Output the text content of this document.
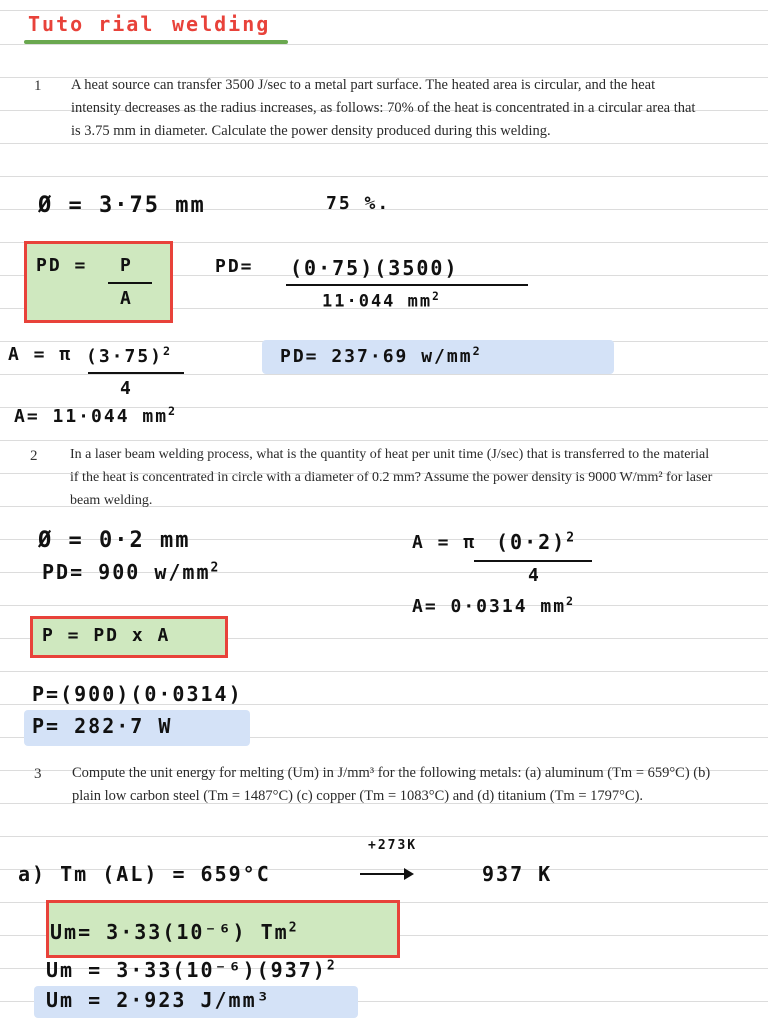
Tuto rial welding
1 A heat source can transfer 3500 J/sec to a metal part surface. The heated area is circular, and the heat intensity decreases as the radius increases, as follows: 70% of the heat is concentrated in a circular area that is 3.75 mm in diameter. Calculate the power density produced during this welding.
Ø = 3·75 mm	75 %.
PD = P
A
PD= (0·75)(3500)
11·044 $mm^2$
A = π $(3\cdot 75)^2$
4
PD= 237·69 $w/mm^2$
A= 11·044 $mm^2$
2 In a laser beam welding process, what is the quantity of heat per unit time (J/sec) that is transferred to the material if the heat is concentrated in circle with a diameter of 0.2 mm? Assume the power density is 9000 W/mm² for laser beam welding.
Ø = 0·2 mm
PD= 900 $w/mm^2$
A = π $(0\cdot 2)^2$
4
A= 0·0314 $mm^2$
P = PD x A
P=(900)(0·0314)
P= 282·7 W
3 Compute the unit energy for melting (Um) in J/mm³ for the following metals: (a) aluminum (Tm = 659°C) (b) plain low carbon steel (Tm = 1487°C) (c) copper (Tm = 1083°C) and (d) titanium (Tm = 1797°C).
+273K
a) Tm (AL) = 659°C	937 K
Um= 3·33(10⁻⁶) Tm$^2$
$Um = 3\cdot 33(10^{-6})(937)^2$
Um = 2·923 J/mm³
